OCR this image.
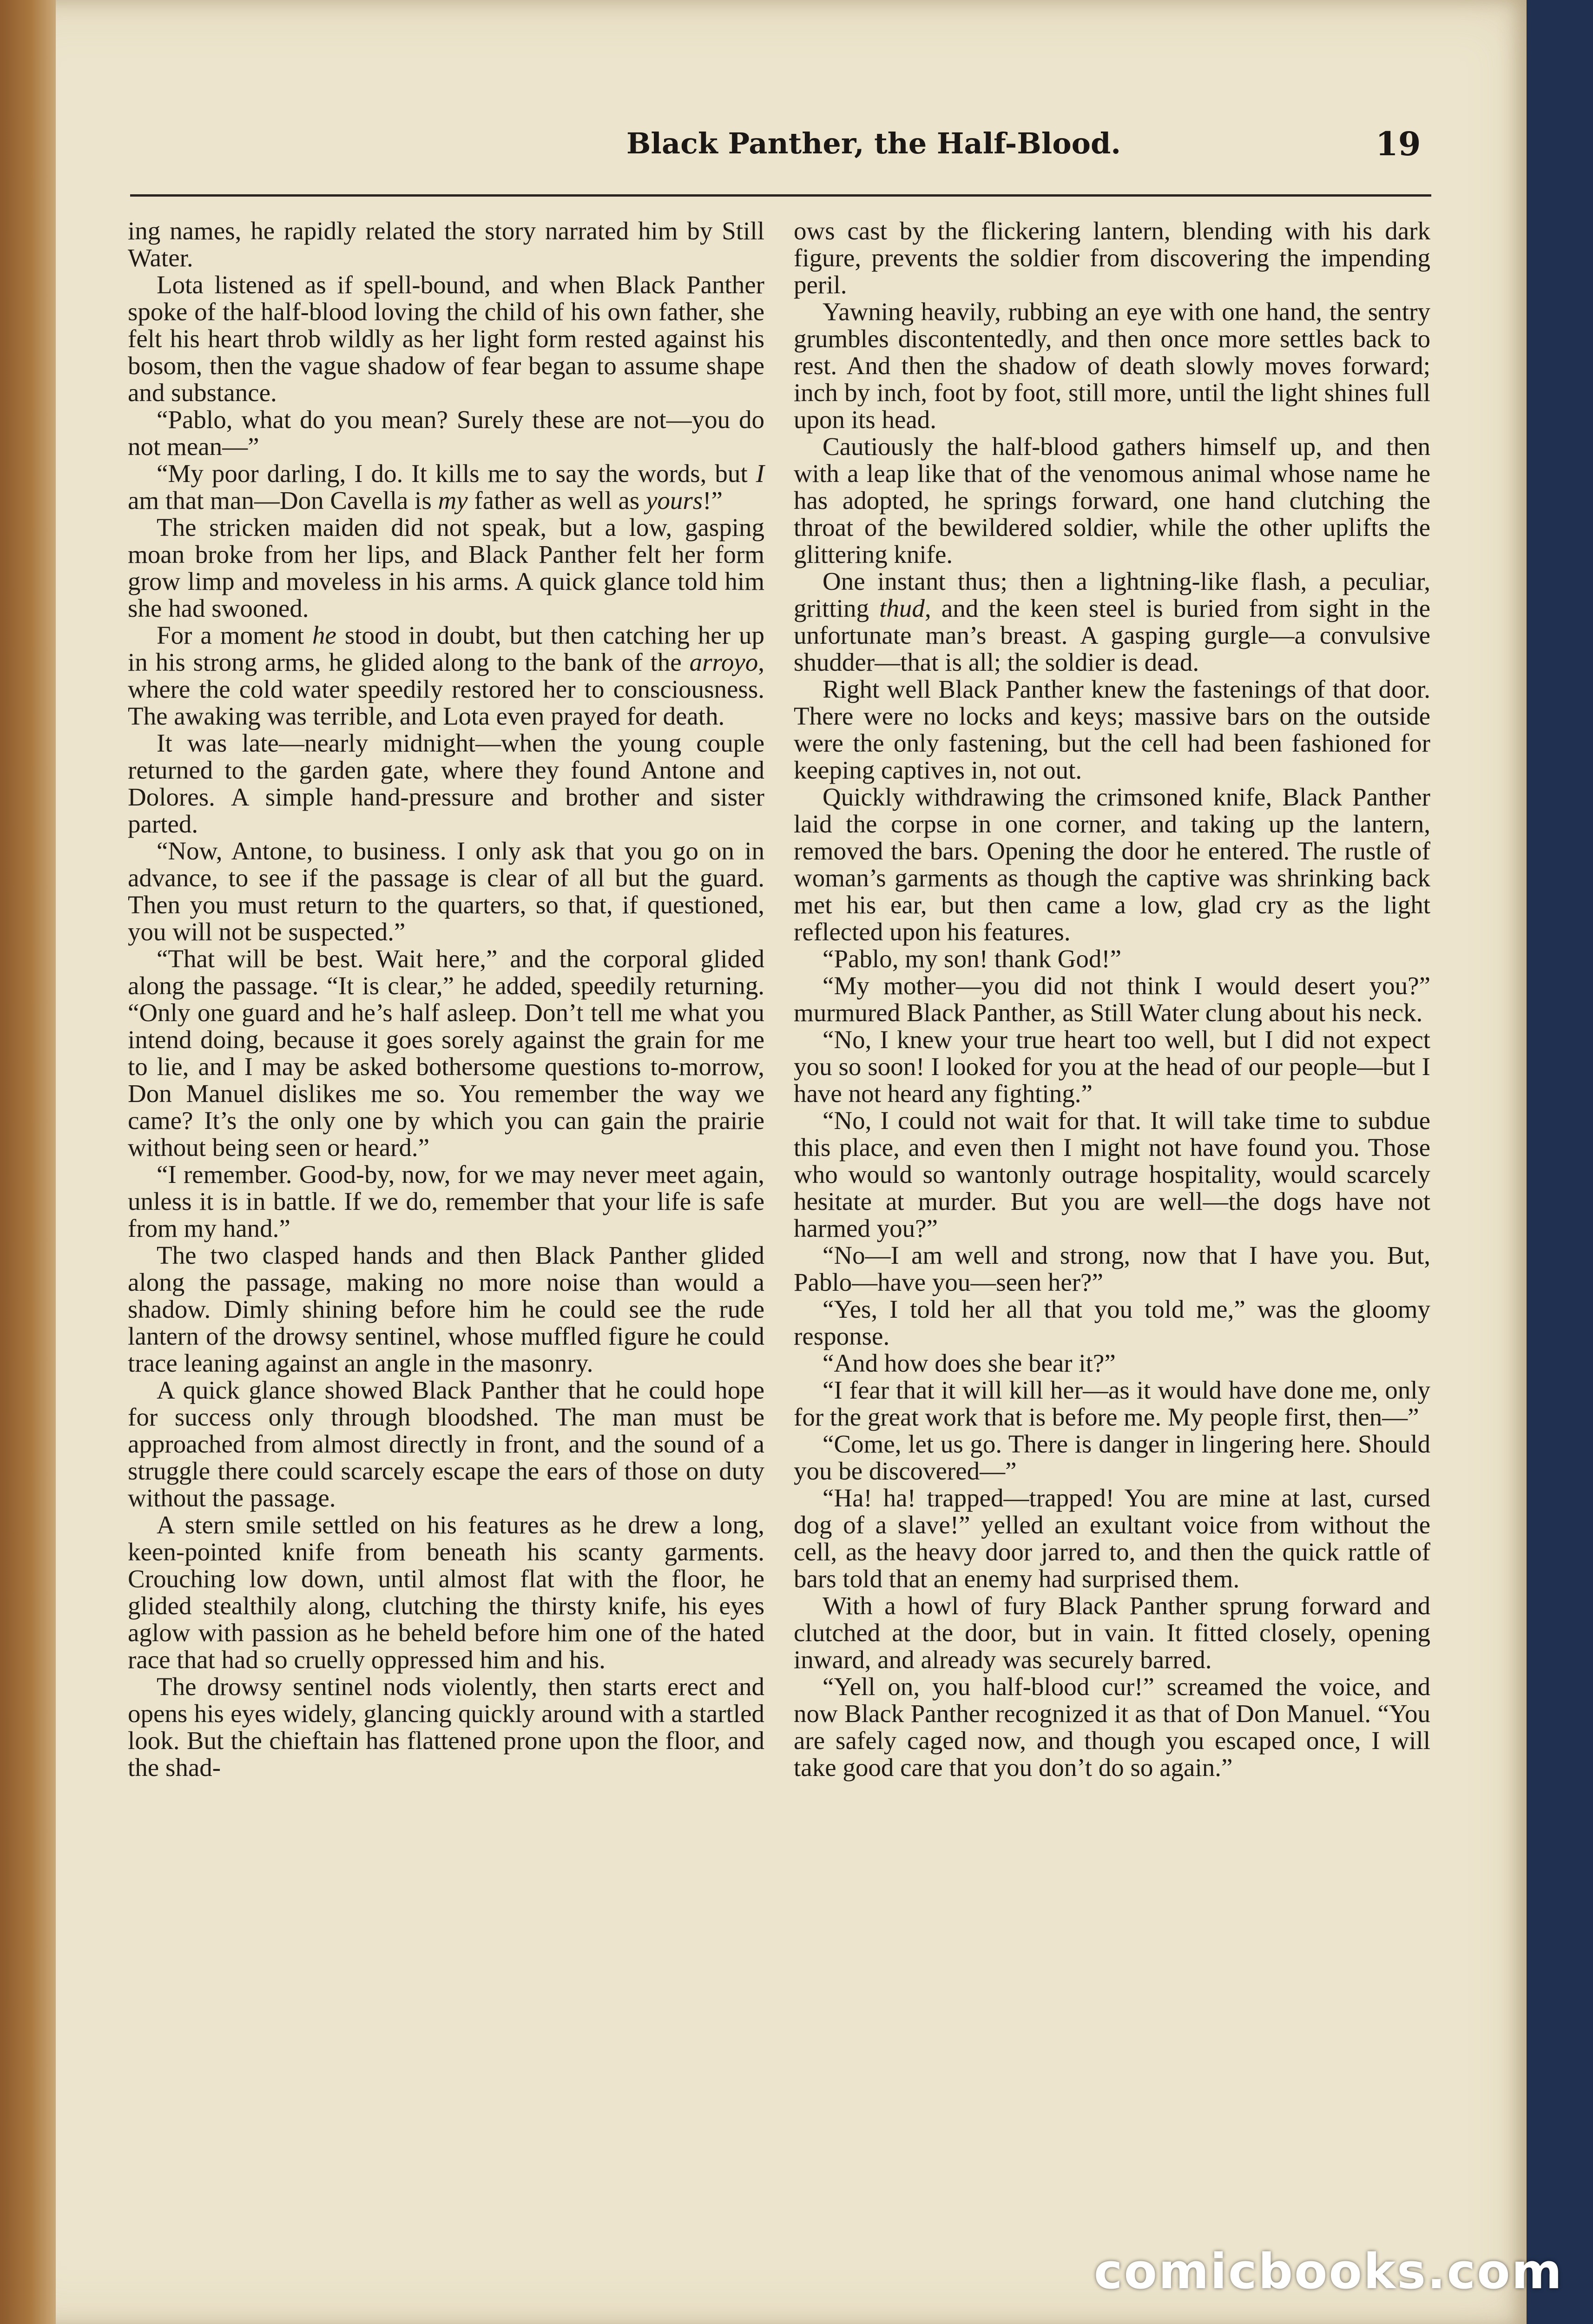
Black Panther, the Half-Blood.	19

ing names, he rapidly related the story narrated him by Still Water.

Lota listened as if spell-bound, and when Black Panther spoke of the half-blood loving the child of his own father, she felt his heart throb wildly as her light form rested against his bosom, then the vague shadow of fear began to assume shape and substance.

“Pablo, what do you mean? Surely these are not—you do not mean—”

“My poor darling, I do. It kills me to say the words, but I am that man—Don Cavella is my father as well as yours!”

The stricken maiden did not speak, but a low, gasping moan broke from her lips, and Black Panther felt her form grow limp and moveless in his arms. A quick glance told him she had swooned.

For a moment he stood in doubt, but then catching her up in his strong arms, he glided along to the bank of the arroyo, where the cold water speedily restored her to consciousness. The awaking was terrible, and Lota even prayed for death.

It was late—nearly midnight—when the young couple returned to the garden gate, where they found Antone and Dolores. A simple hand-pressure and brother and sister parted.

“Now, Antone, to business. I only ask that you go on in advance, to see if the passage is clear of all but the guard. Then you must return to the quarters, so that, if questioned, you will not be suspected.”

“That will be best. Wait here,” and the corporal glided along the passage. “It is clear,” he added, speedily returning. “Only one guard and he’s half asleep. Don’t tell me what you intend doing, because it goes sorely against the grain for me to lie, and I may be asked bothersome questions to-morrow, Don Manuel dislikes me so. You remember the way we came? It’s the only one by which you can gain the prairie without being seen or heard.”

“I remember. Good-by, now, for we may never meet again, unless it is in battle. If we do, remember that your life is safe from my hand.”

The two clasped hands and then Black Panther glided along the passage, making no more noise than would a shadow. Dimly shining before him he could see the rude lantern of the drowsy sentinel, whose muffled figure he could trace leaning against an angle in the masonry.

A quick glance showed Black Panther that he could hope for success only through bloodshed. The man must be approached from almost directly in front, and the sound of a struggle there could scarcely escape the ears of those on duty without the passage.

A stern smile settled on his features as he drew a long, keen-pointed knife from beneath his scanty garments. Crouching low down, until almost flat with the floor, he glided stealthily along, clutching the thirsty knife, his eyes aglow with passion as he beheld before him one of the hated race that had so cruelly oppressed him and his.

The drowsy sentinel nods violently, then starts erect and opens his eyes widely, glancing quickly around with a startled look. But the chieftain has flattened prone upon the floor, and the shad-

ows cast by the flickering lantern, blending with his dark figure, prevents the soldier from discovering the impending peril.

Yawning heavily, rubbing an eye with one hand, the sentry grumbles discontentedly, and then once more settles back to rest. And then the shadow of death slowly moves forward; inch by inch, foot by foot, still more, until the light shines full upon its head.

Cautiously the half-blood gathers himself up, and then with a leap like that of the venomous animal whose name he has adopted, he springs forward, one hand clutching the throat of the bewildered soldier, while the other uplifts the glittering knife.

One instant thus; then a lightning-like flash, a peculiar, gritting thud, and the keen steel is buried from sight in the unfortunate man’s breast. A gasping gurgle—a convulsive shudder—that is all; the soldier is dead.

Right well Black Panther knew the fastenings of that door. There were no locks and keys; massive bars on the outside were the only fastening, but the cell had been fashioned for keeping captives in, not out.

Quickly withdrawing the crimsoned knife, Black Panther laid the corpse in one corner, and taking up the lantern, removed the bars. Opening the door he entered. The rustle of woman’s garments as though the captive was shrinking back met his ear, but then came a low, glad cry as the light reflected upon his features.

“Pablo, my son! thank God!”

“My mother—you did not think I would desert you?” murmured Black Panther, as Still Water clung about his neck.

“No, I knew your true heart too well, but I did not expect you so soon! I looked for you at the head of our people—but I have not heard any fighting.”

“No, I could not wait for that. It will take time to subdue this place, and even then I might not have found you. Those who would so wantonly outrage hospitality, would scarcely hesitate at murder. But you are well—the dogs have not harmed you?”

“No—I am well and strong, now that I have you. But, Pablo—have you—seen her?”

“Yes, I told her all that you told me,” was the gloomy response.

“And how does she bear it?”

“I fear that it will kill her—as it would have done me, only for the great work that is before me. My people first, then—”

“Come, let us go. There is danger in lingering here. Should you be discovered—”

“Ha! ha! trapped—trapped! You are mine at last, cursed dog of a slave!” yelled an exultant voice from without the cell, as the heavy door jarred to, and then the quick rattle of bars told that an enemy had surprised them.

With a howl of fury Black Panther sprung forward and clutched at the door, but in vain. It fitted closely, opening inward, and already was securely barred.

“Yell on, you half-blood cur!” screamed the voice, and now Black Panther recognized it as that of Don Manuel. “You are safely caged now, and though you escaped once, I will take good care that you don’t do so again.”

comicbooks.com
